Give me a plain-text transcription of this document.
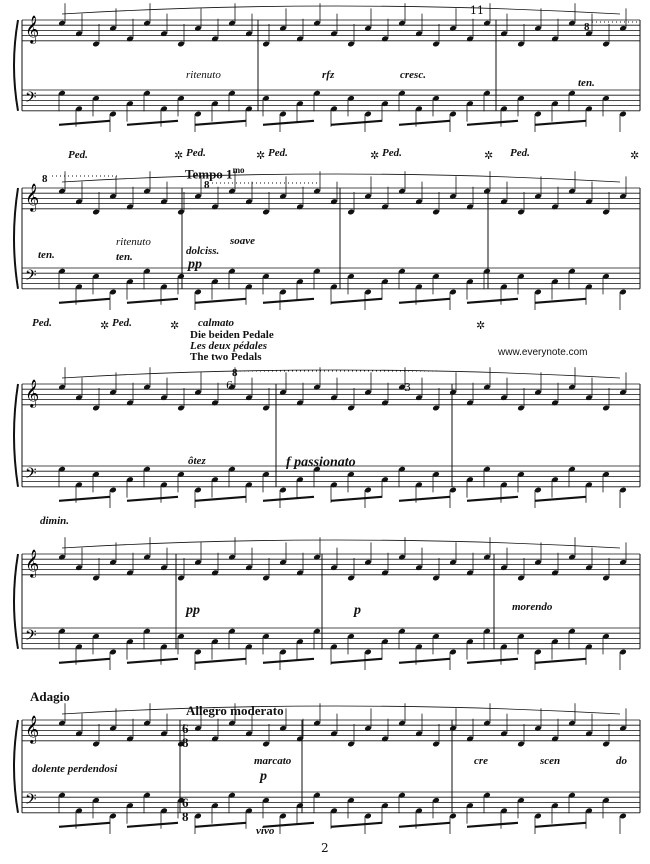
𝄞
𝄢
𝄞
𝄢
𝄞
𝄢
𝄞
𝄢
𝄞
𝄢
ritenuto	rfz	cresc.
11
ten.
8
Ped.	✲ Ped.	✲ Ped.	✲ Ped.	✲ Ped.	✲
Tempo $1^{mo}$
8	8
ten.
ritenuto
ten.
soave
dolciss.
pp
calmato
Die beiden Pedale
Les deux pédales
The two Pedals
Ped.	✲ Ped.	✲	✲
www.everynote.com
8
6	3
ôtez	f passionato
dimin.
pp	p	morendo
Adagio
Allegro moderato
dolente perdendosi
marcato
p
vivo
cre	scen	do
6
8
6
8
2
